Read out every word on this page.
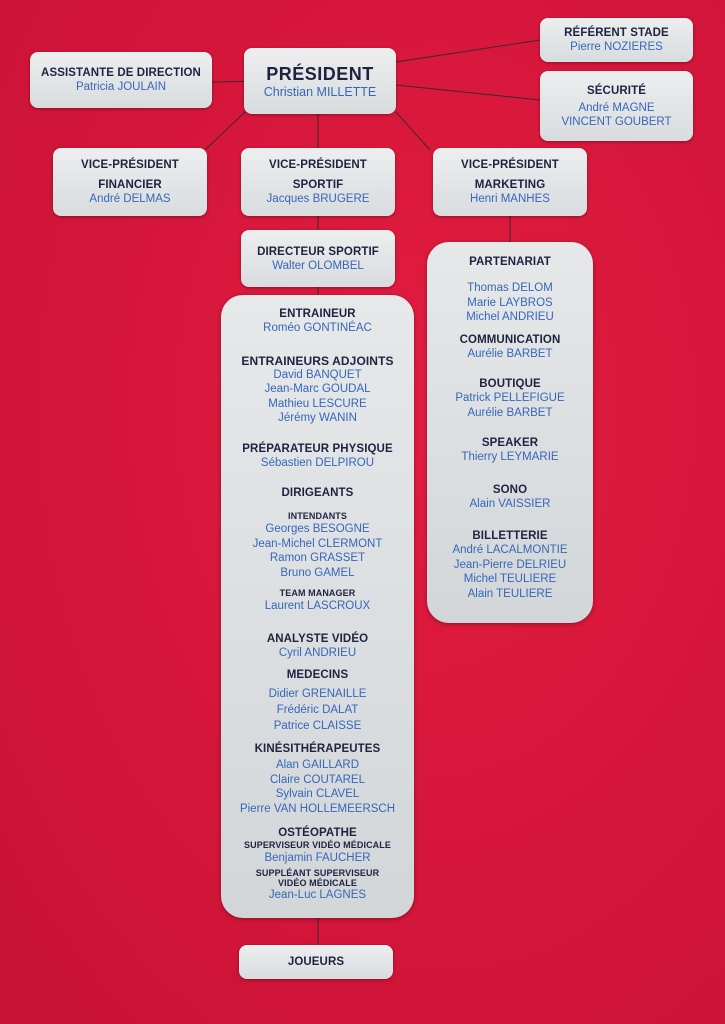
PRÉSIDENT
Christian MILLETTE
ASSISTANTE DE DIRECTION
Patricia JOULAIN
RÉFÉRENT STADE
Pierre NOZIERES
SÉCURITÉ
André MAGNE
VINCENT GOUBERT
VICE-PRÉSIDENT
FINANCIER
André DELMAS
VICE-PRÉSIDENT
SPORTIF
Jacques BRUGERE
VICE-PRÉSIDENT
MARKETING
Henri MANHES
DIRECTEUR SPORTIF
Walter OLOMBEL
ENTRAINEUR
Roméo GONTINÉAC
ENTRAINEURS ADJOINTS
David BANQUET
Jean-Marc GOUDAL
Mathieu LESCURE
Jérémy WANIN
PRÉPARATEUR PHYSIQUE
Sébastien DELPIROU
DIRIGEANTS
INTENDANTS
Georges BESOGNE
Jean-Michel CLERMONT
Ramon GRASSET
Bruno GAMEL
TEAM MANAGER
Laurent LASCROUX
ANALYSTE VIDÉO
Cyril ANDRIEU
MEDECINS
Didier GRENAILLE
Frédéric DALAT
Patrice CLAISSE
KINÉSITHÉRAPEUTES
Alan GAILLARD
Claire COUTAREL
Sylvain CLAVEL
Pierre VAN HOLLEMEERSCH
OSTÉOPATHE
SUPERVISEUR VIDÉO MÉDICALE
Benjamin FAUCHER
SUPPLÉANT SUPERVISEUR
VIDÉO MÉDICALE
Jean-Luc LAGNES
PARTENARIAT
Thomas DELOM
Marie LAYBROS
Michel ANDRIEU
COMMUNICATION
Aurélie BARBET
BOUTIQUE
Patrick PELLEFIGUE
Aurélie BARBET
SPEAKER
Thierry LEYMARIE
SONO
Alain VAISSIER
BILLETTERIE
André LACALMONTIE
Jean-Pierre DELRIEU
Michel TEULIERE
Alain TEULIERE
JOUEURS
